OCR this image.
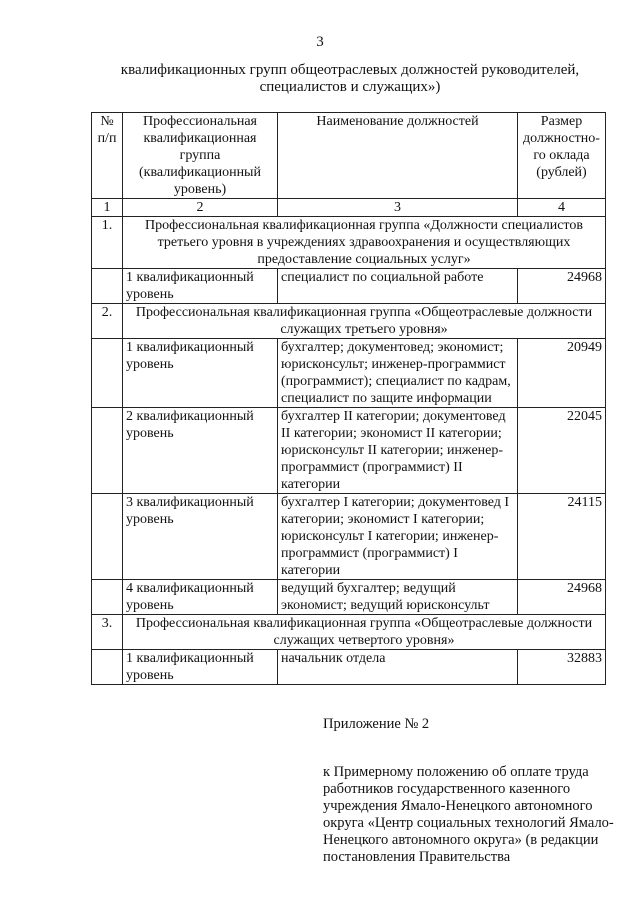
3
квалификационных групп общеотраслевых должностей руководителей, специалистов и служащих»)
№ п/п	Профессиональная квалификационная группа (квалификационный уровень)	Наименование должностей	Размер должностно-го оклада (рублей)
1	2	3	4
1.	Профессиональная квалификационная группа «Должности специалистов третьего уровня в учреждениях здравоохранения и осуществляющих предоставление социальных услуг»		
	1 квалификационный уровень	специалист по социальной работе	24968
2.	Профессиональная квалификационная группа «Общеотраслевые должности служащих третьего уровня»		
	1 квалификационный уровень	бухгалтер; документовед; экономист; юрисконсульт; инженер-программист (программист); специалист по кадрам, специалист по защите информации	20949
	2 квалификационный уровень	бухгалтер II категории; документовед II категории; экономист II категории; юрисконсульт II категории; инженер-программист (программист) II категории	22045
	3 квалификационный уровень	бухгалтер I категории; документовед I категории; экономист I категории; юрисконсульт I категории; инженер-программист (программист) I категории	24115
	4 квалификационный уровень	ведущий бухгалтер; ведущий экономист; ведущий юрисконсульт	24968
3.	Профессиональная квалификационная группа «Общеотраслевые должности служащих четвертого уровня»		
	1 квалификационный уровень	начальник отдела	32883
Приложение № 2
к Примерному положению об оплате труда работников государственного казенного учреждения Ямало-Ненецкого автономного округа «Центр социальных технологий Ямало-Ненецкого автономного округа» (в редакции постановления Правительства
